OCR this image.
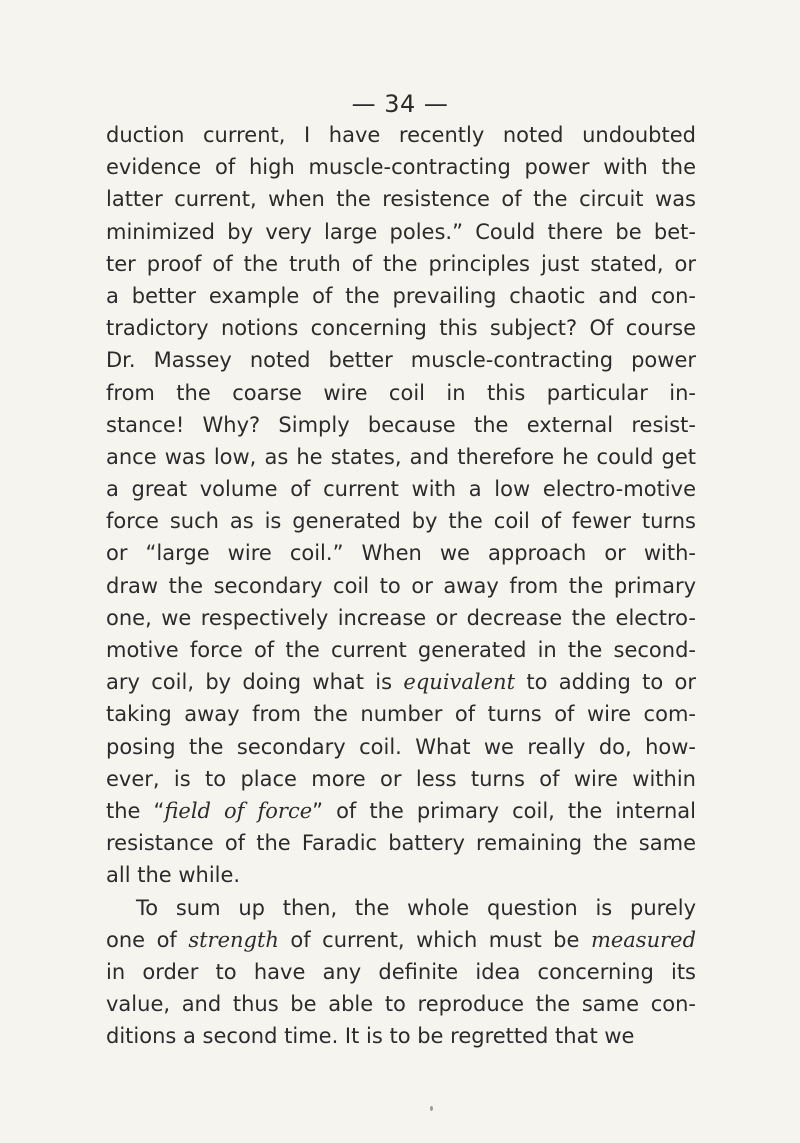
— 34 —
duction current, I have recently noted undoubted
evidence of high muscle-contracting power with the
latter current, when the resistence of the circuit was
minimized by very large poles.” Could there be bet-
ter proof of the truth of the principles just stated, or
a better example of the prevailing chaotic and con-
tradictory notions concerning this subject? Of course
Dr. Massey noted better muscle-contracting power
from the coarse wire coil in this particular in-
stance! Why? Simply because the external resist-
ance was low, as he states, and therefore he could get
a great volume of current with a low electro-motive
force such as is generated by the coil of fewer turns
or “large wire coil.” When we approach or with-
draw the secondary coil to or away from the primary
one, we respectively increase or decrease the electro-
motive force of the current generated in the second-
ary coil, by doing what is equivalent to adding to or
taking away from the number of turns of wire com-
posing the secondary coil. What we really do, how-
ever, is to place more or less turns of wire within
the “field of force” of the primary coil, the internal
resistance of the Faradic battery remaining the same
all the while.
To sum up then, the whole question is purely
one of strength of current, which must be measured
in order to have any definite idea concerning its
value, and thus be able to reproduce the same con-
ditions a second time. It is to be regretted that we
